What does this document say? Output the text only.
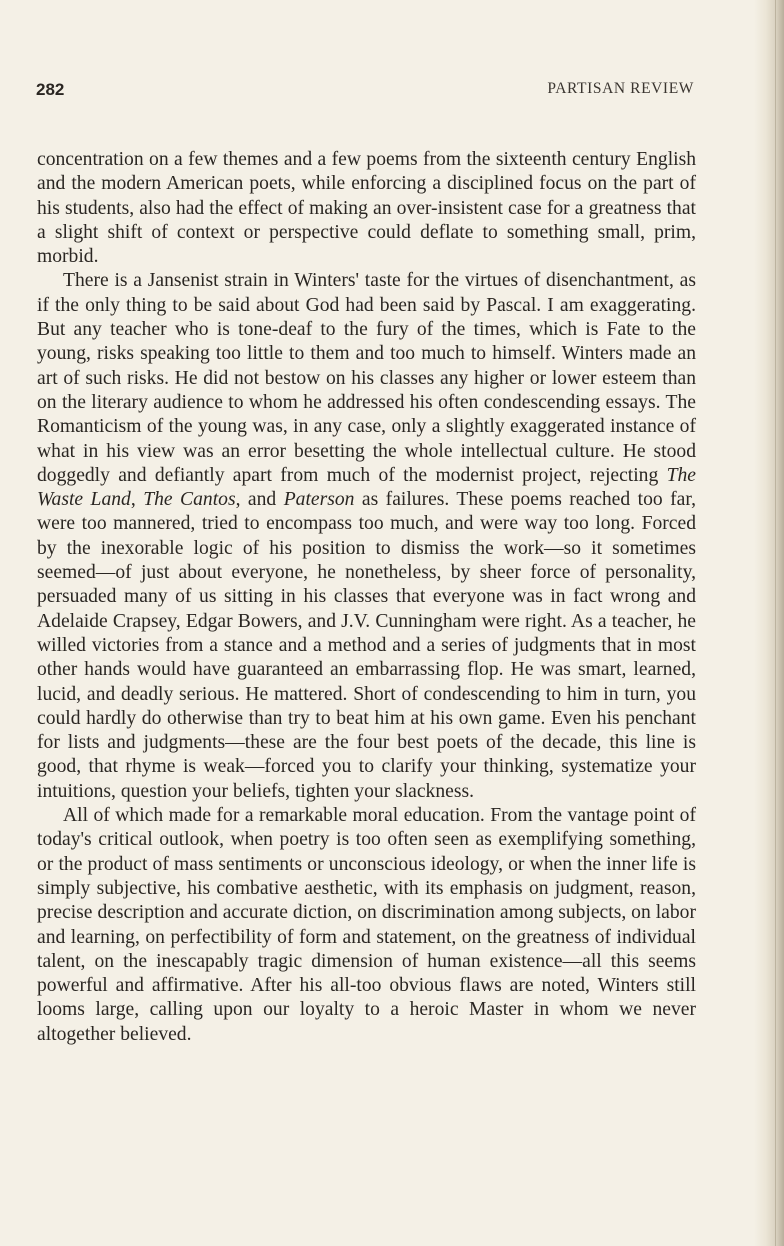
282	PARTISAN REVIEW

concentration on a few themes and a few poems from the sixteenth century English and the modern American poets, while enforcing a disciplined focus on the part of his students, also had the effect of making an over-insistent case for a greatness that a slight shift of context or perspective could deflate to something small, prim, morbid.

There is a Jansenist strain in Winters' taste for the virtues of disenchantment, as if the only thing to be said about God had been said by Pascal. I am exaggerating. But any teacher who is tone-deaf to the fury of the times, which is Fate to the young, risks speaking too little to them and too much to himself. Winters made an art of such risks. He did not bestow on his classes any higher or lower esteem than on the literary audience to whom he addressed his often condescending essays. The Romanticism of the young was, in any case, only a slightly exaggerated instance of what in his view was an error besetting the whole intellectual culture. He stood doggedly and defiantly apart from much of the modernist project, rejecting The Waste Land, The Cantos, and Paterson as failures. These poems reached too far, were too mannered, tried to encompass too much, and were way too long. Forced by the inexorable logic of his position to dismiss the work—so it sometimes seemed—of just about everyone, he nonetheless, by sheer force of personality, persuaded many of us sitting in his classes that everyone was in fact wrong and Adelaide Crapsey, Edgar Bowers, and J.V. Cunningham were right. As a teacher, he willed victories from a stance and a method and a series of judgments that in most other hands would have guaranteed an embarrassing flop. He was smart, learned, lucid, and deadly serious. He mattered. Short of condescending to him in turn, you could hardly do otherwise than try to beat him at his own game. Even his penchant for lists and judgments—these are the four best poets of the decade, this line is good, that rhyme is weak—forced you to clarify your thinking, systematize your intuitions, question your beliefs, tighten your slackness.

All of which made for a remarkable moral education. From the vantage point of today's critical outlook, when poetry is too often seen as exemplifying something, or the product of mass sentiments or unconscious ideology, or when the inner life is simply subjective, his combative aesthetic, with its emphasis on judgment, reason, precise description and accurate diction, on discrimination among subjects, on labor and learning, on perfectibility of form and statement, on the greatness of individual talent, on the inescapably tragic dimension of human existence—all this seems powerful and affirmative. After his all-too obvious flaws are noted, Winters still looms large, calling upon our loyalty to a heroic Master in whom we never altogether believed.
